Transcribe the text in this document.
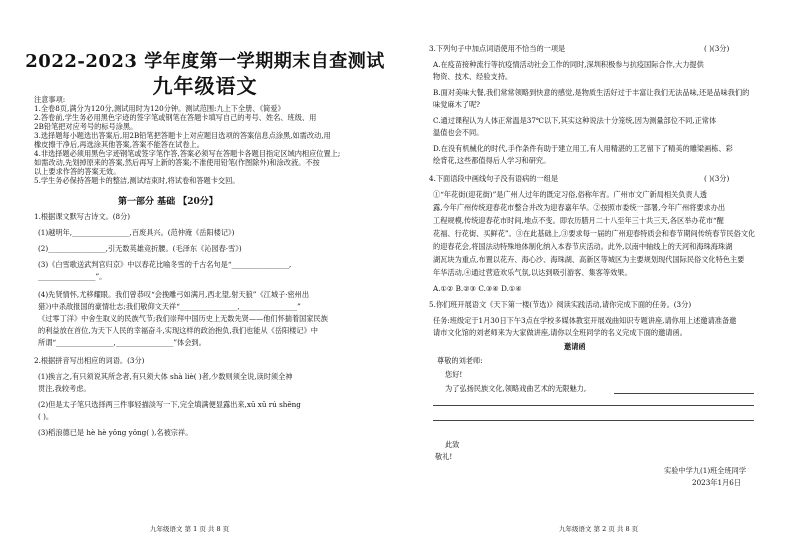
2022-2023 学年度第一学期期末自查测试
九年级语文
注意事项:
1.全卷8页,满分为120分,测试用时为120分钟。测试范围:九上下全册、《简爱》
2.答卷前,学生务必用黑色字迹的签字笔或钢笔在答题卡填写自己的考号、姓名、班级、用
2B铅笔把对应考号的标号涂黑。
3.选择题每小题选出答案后,用2B铅笔把答题卡上对应题目选项的答案信息点涂黑,如需改动,用
橡皮擦干净后,再选涂其他答案,答案不能答在试卷上。
4.非选择题必须用黑色字迹钢笔或签字笔作答,答案必须写在答题卡各题目指定区域内相应位置上;
如需改动,先划掉原来的答案,然后再写上新的答案;不准使用铅笔(作图除外)和涂改液。不按
以上要求作答的答案无效。
5.学生务必保持答题卡的整洁,测试结束时,将试卷和答题卡交回。
第一部分 基础 【20分】
1.根据课文默写古诗文。(8分)
(1)越明年,________________,百废具兴。(范仲淹《岳阳楼记》)
(2)________________,引无数英雄竞折腰。(毛泽东《沁园春·雪》)
(3)《白雪歌送武判官归京》中以春花比喻冬雪的千古名句是“________________,
________________”。
(4)先贤情怀,尤移耀眼。我们曾恭叹“会挽雕弓如满月,西北望,射天狼”《江城子·密州出
猎》)中杀敌报国的豪情壮志;我们敬仰文天祥“________________,________________”
《过零丁洋》中舍生取义的民族气节;我们崇拜中国历史上无数先贤——他们怀揣着国家民族
的利益放在首位,为天下人民的幸福奋斗,实现这样的政治抱负,我们也能从《岳阳楼记》中
所谓“________________,________________”体会到。
2.根据拼音写出相应的词语。(3分)
(1)换言之,有只须说其所念者,有只须大体 shà liè( )者,少数则须全说,读时须全神
贯注,我较考虑。
(2)但是太子笔只选择两三件事轻描淡写一下,完全填满便显露出来,xū xū rú shēng
( )。
(3)稻浪德已是 hè hè yǒng yǒng( ),名被宗祥。
九年级语文 第 1 页 共 8 页
3.下列句子中加点词语使用不恰当的一项是	( )(3分)
A.在疫苗接种流行等抗疫情活动社会工作的同时,深圳积极参与抗疫国际合作,大力提供
物资、技术、经验支持。
B.面对美味大餐,我们常常领略到快意的感觉,是物质生活好过于丰富让我们无法品味,还是品味我们的
味觉麻木了呢?
C.通过课程认为人体正常温是37℃以下,其实这种说法十分笼统,因为测量部位不同,正常体
温值也会不同。
D.在没有机械化的时代,手作条件有助于建立用工,有人用精湛的工艺留下了精美的雕梁画栋、彩
绘背花,这些都值得后人学习和研究。
4.下面语段中画线句子没有语病的一组是	( )(3分)
①“年花街(迎花街)”是广州人过年的既定习俗,俗称年宵。广州市文广新局相关负责人透
露,今年广州传统迎春花市整合并改为迎春嘉年华。②按照市委统一部署,今年广州将要求办出
工程规模,传统迎春花市时间,地点不变。即农历腊月二十八至年三十共三天,各区举办花市“醒
花福、行花街、买鲜花”。③在此基础上,③要求每一届的广州迎春特质会和春节期间传统春节民俗文化
的迎春花会,将国法动特殊地体制化纳入本春节庆活动。此外,以南中轴线上的天河和海珠海珠湖
湖瓦块为重点,布置以花卉、海心沙、海珠湖、高新区等城区为主要规划现代国际民俗文化特色主要
年华活动,④通过营造欢乐气氛,以达到吸引游客、集客等效果。
A.①② B.②③ C.③④ D.①④
5.你们班开展语文《天下第一楼(节选)》阅读实践活动,请你完成下面的任务。(3分)
任务:班级定于1月30日下午3点在学校多媒体教室开展戏曲知识专题讲座,请你用上述邀请准备邀
请市文化馆的刘老师来为大家做讲座,请你以全班同学的名义完成下面的邀请函。
邀请函
尊敬的刘老师:
您好!
为了弘扬民族文化,领略戏曲艺术的无限魅力,
此致
敬礼!
实验中学九(1)班全班同学
2023年1月6日
九年级语文 第 2 页 共 8 页
